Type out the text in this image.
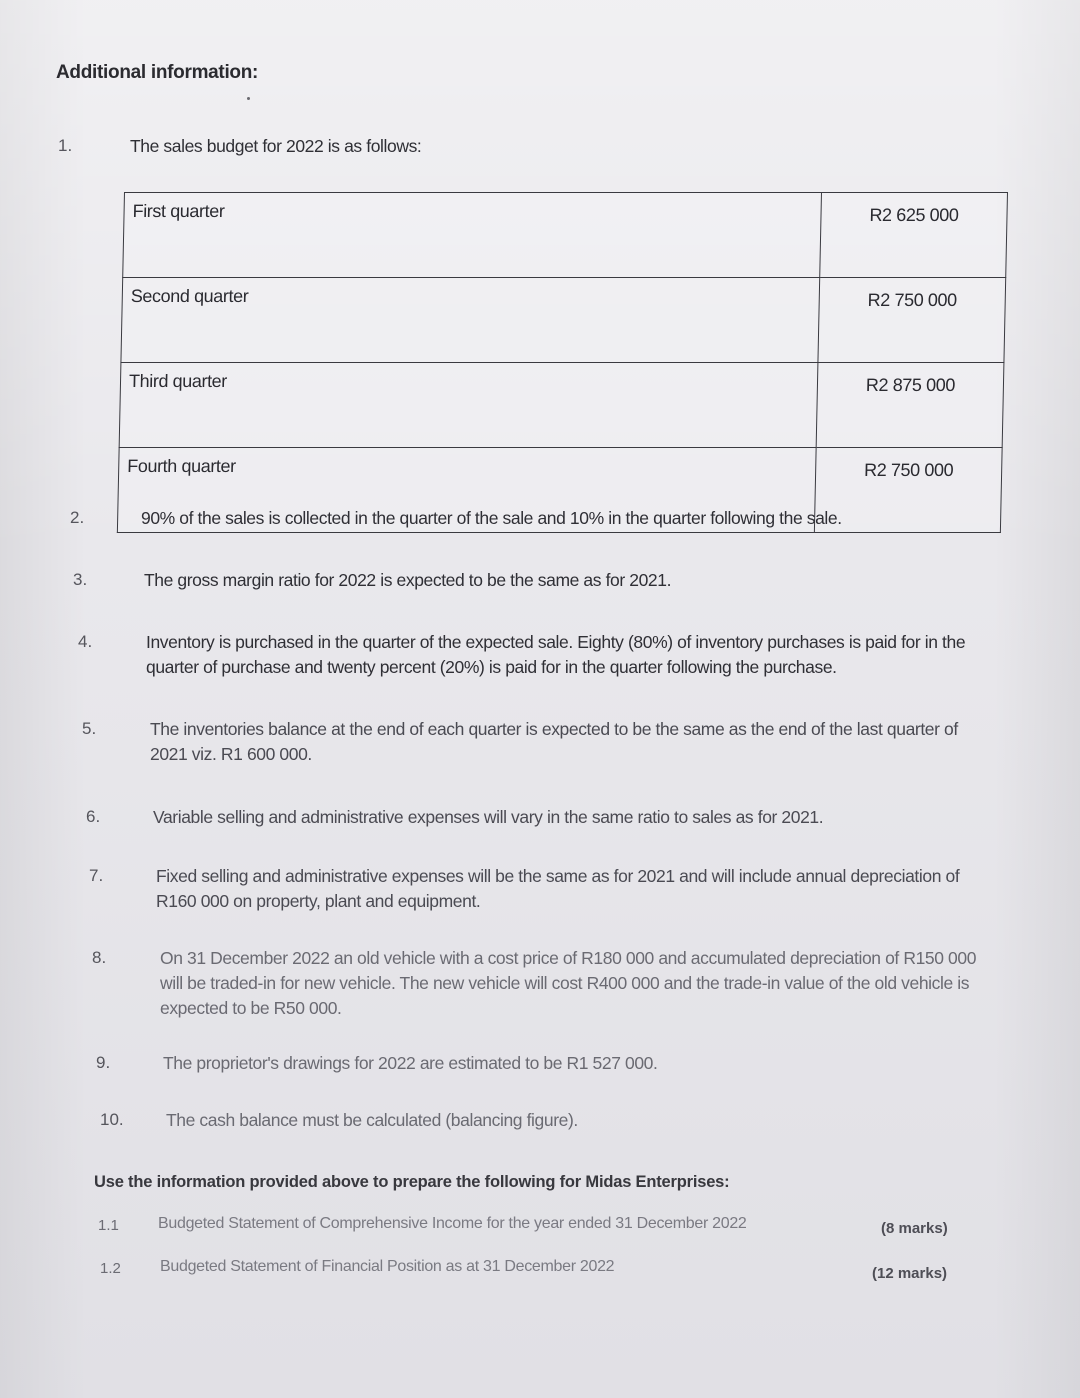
Additional information:
1.	The sales budget for 2022 is as follows:
First quarter	R2 625 000
Second quarter	R2 750 000
Third quarter	R2 875 000
Fourth quarter	R2 750 000
2.	90% of the sales is collected in the quarter of the sale and 10% in the quarter following the sale.
3.	The gross margin ratio for 2022 is expected to be the same as for 2021.
4.	Inventory is purchased in the quarter of the expected sale. Eighty (80%) of inventory purchases is paid for in the quarter of purchase and twenty percent (20%) is paid for in the quarter following the purchase.
5.	The inventories balance at the end of each quarter is expected to be the same as the end of the last quarter of 2021 viz. R1 600 000.
6.	Variable selling and administrative expenses will vary in the same ratio to sales as for 2021.
7.	Fixed selling and administrative expenses will be the same as for 2021 and will include annual depreciation of R160 000 on property, plant and equipment.
8.	On 31 December 2022 an old vehicle with a cost price of R180 000 and accumulated depreciation of R150 000 will be traded-in for new vehicle. The new vehicle will cost R400 000 and the trade-in value of the old vehicle is expected to be R50 000.
9.	The proprietor's drawings for 2022 are estimated to be R1 527 000.
10. The cash balance must be calculated (balancing figure).
Use the information provided above to prepare the following for Midas Enterprises:
1.1 Budgeted Statement of Comprehensive Income for the year ended 31 December 2022	(8 marks)
1.2 Budgeted Statement of Financial Position as at 31 December 2022	(12 marks)
